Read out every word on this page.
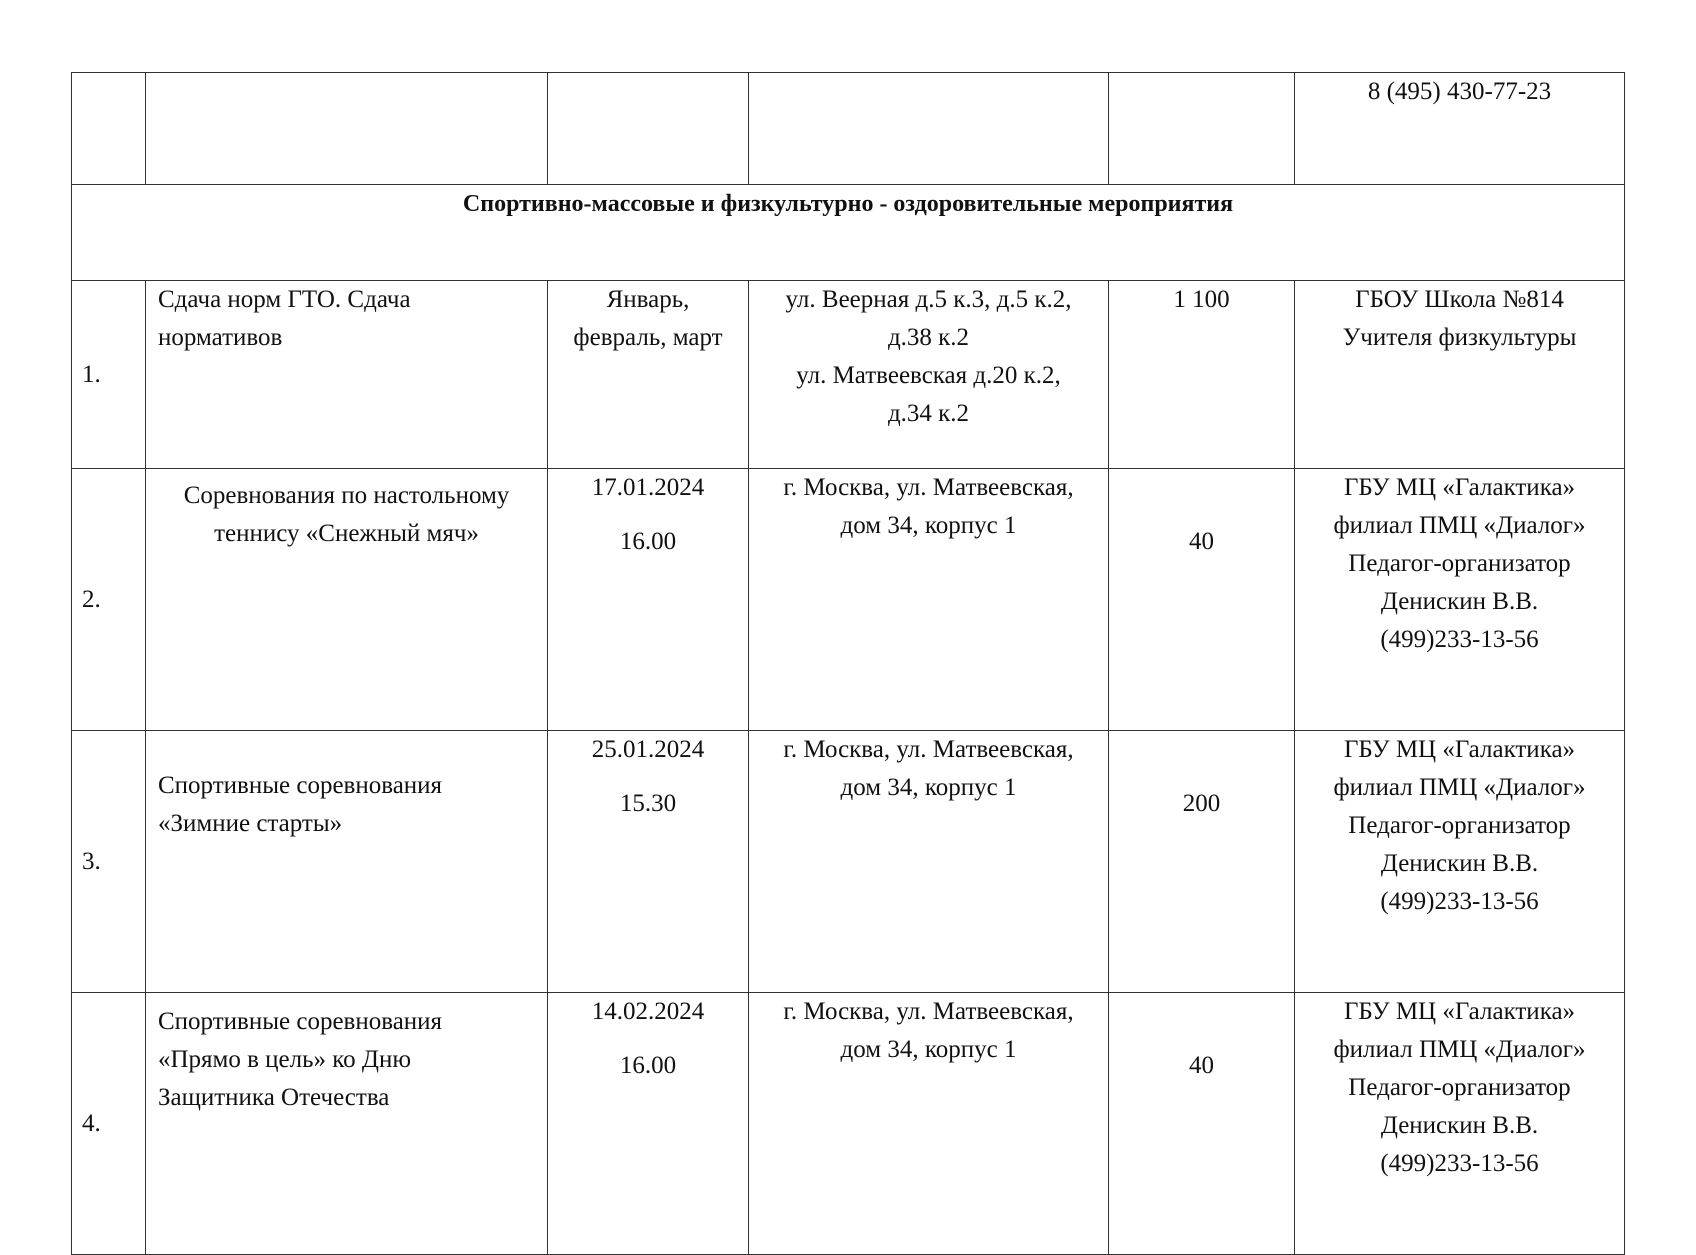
					8 (495) 430-77-23

Спортивно-массовые и физкультурно - оздоровительные мероприятия					
1.	Сдача норм ГТО. Сдача
нормативов	Январь,
февраль, март	ул. Веерная д.5 к.3, д.5 к.2,
д.38 к.2
ул. Матвеевская д.20 к.2,
д.34 к.2	1 100	ГБОУ Школа №814
Учителя физкультуры

2.	Соревнования по настольному
теннису «Снежный мяч»	17.01.2024
16.00	г. Москва, ул. Матвеевская,
дом 34, корпус 1	40	ГБУ МЦ «Галактика»
филиал ПМЦ «Диалог»
Педагог-организатор
Денискин В.В.
(499)233-13-56

3.	Спортивные соревнования
«Зимние старты»	25.01.2024
15.30	г. Москва, ул. Матвеевская,
дом 34, корпус 1	200	ГБУ МЦ «Галактика»
филиал ПМЦ «Диалог»
Педагог-организатор
Денискин В.В.
(499)233-13-56

4.	Спортивные соревнования
«Прямо в цель» ко Дню
Защитника Отечества	14.02.2024
16.00	г. Москва, ул. Матвеевская,
дом 34, корпус 1	40	ГБУ МЦ «Галактика»
филиал ПМЦ «Диалог»
Педагог-организатор
Денискин В.В.
(499)233-13-56
